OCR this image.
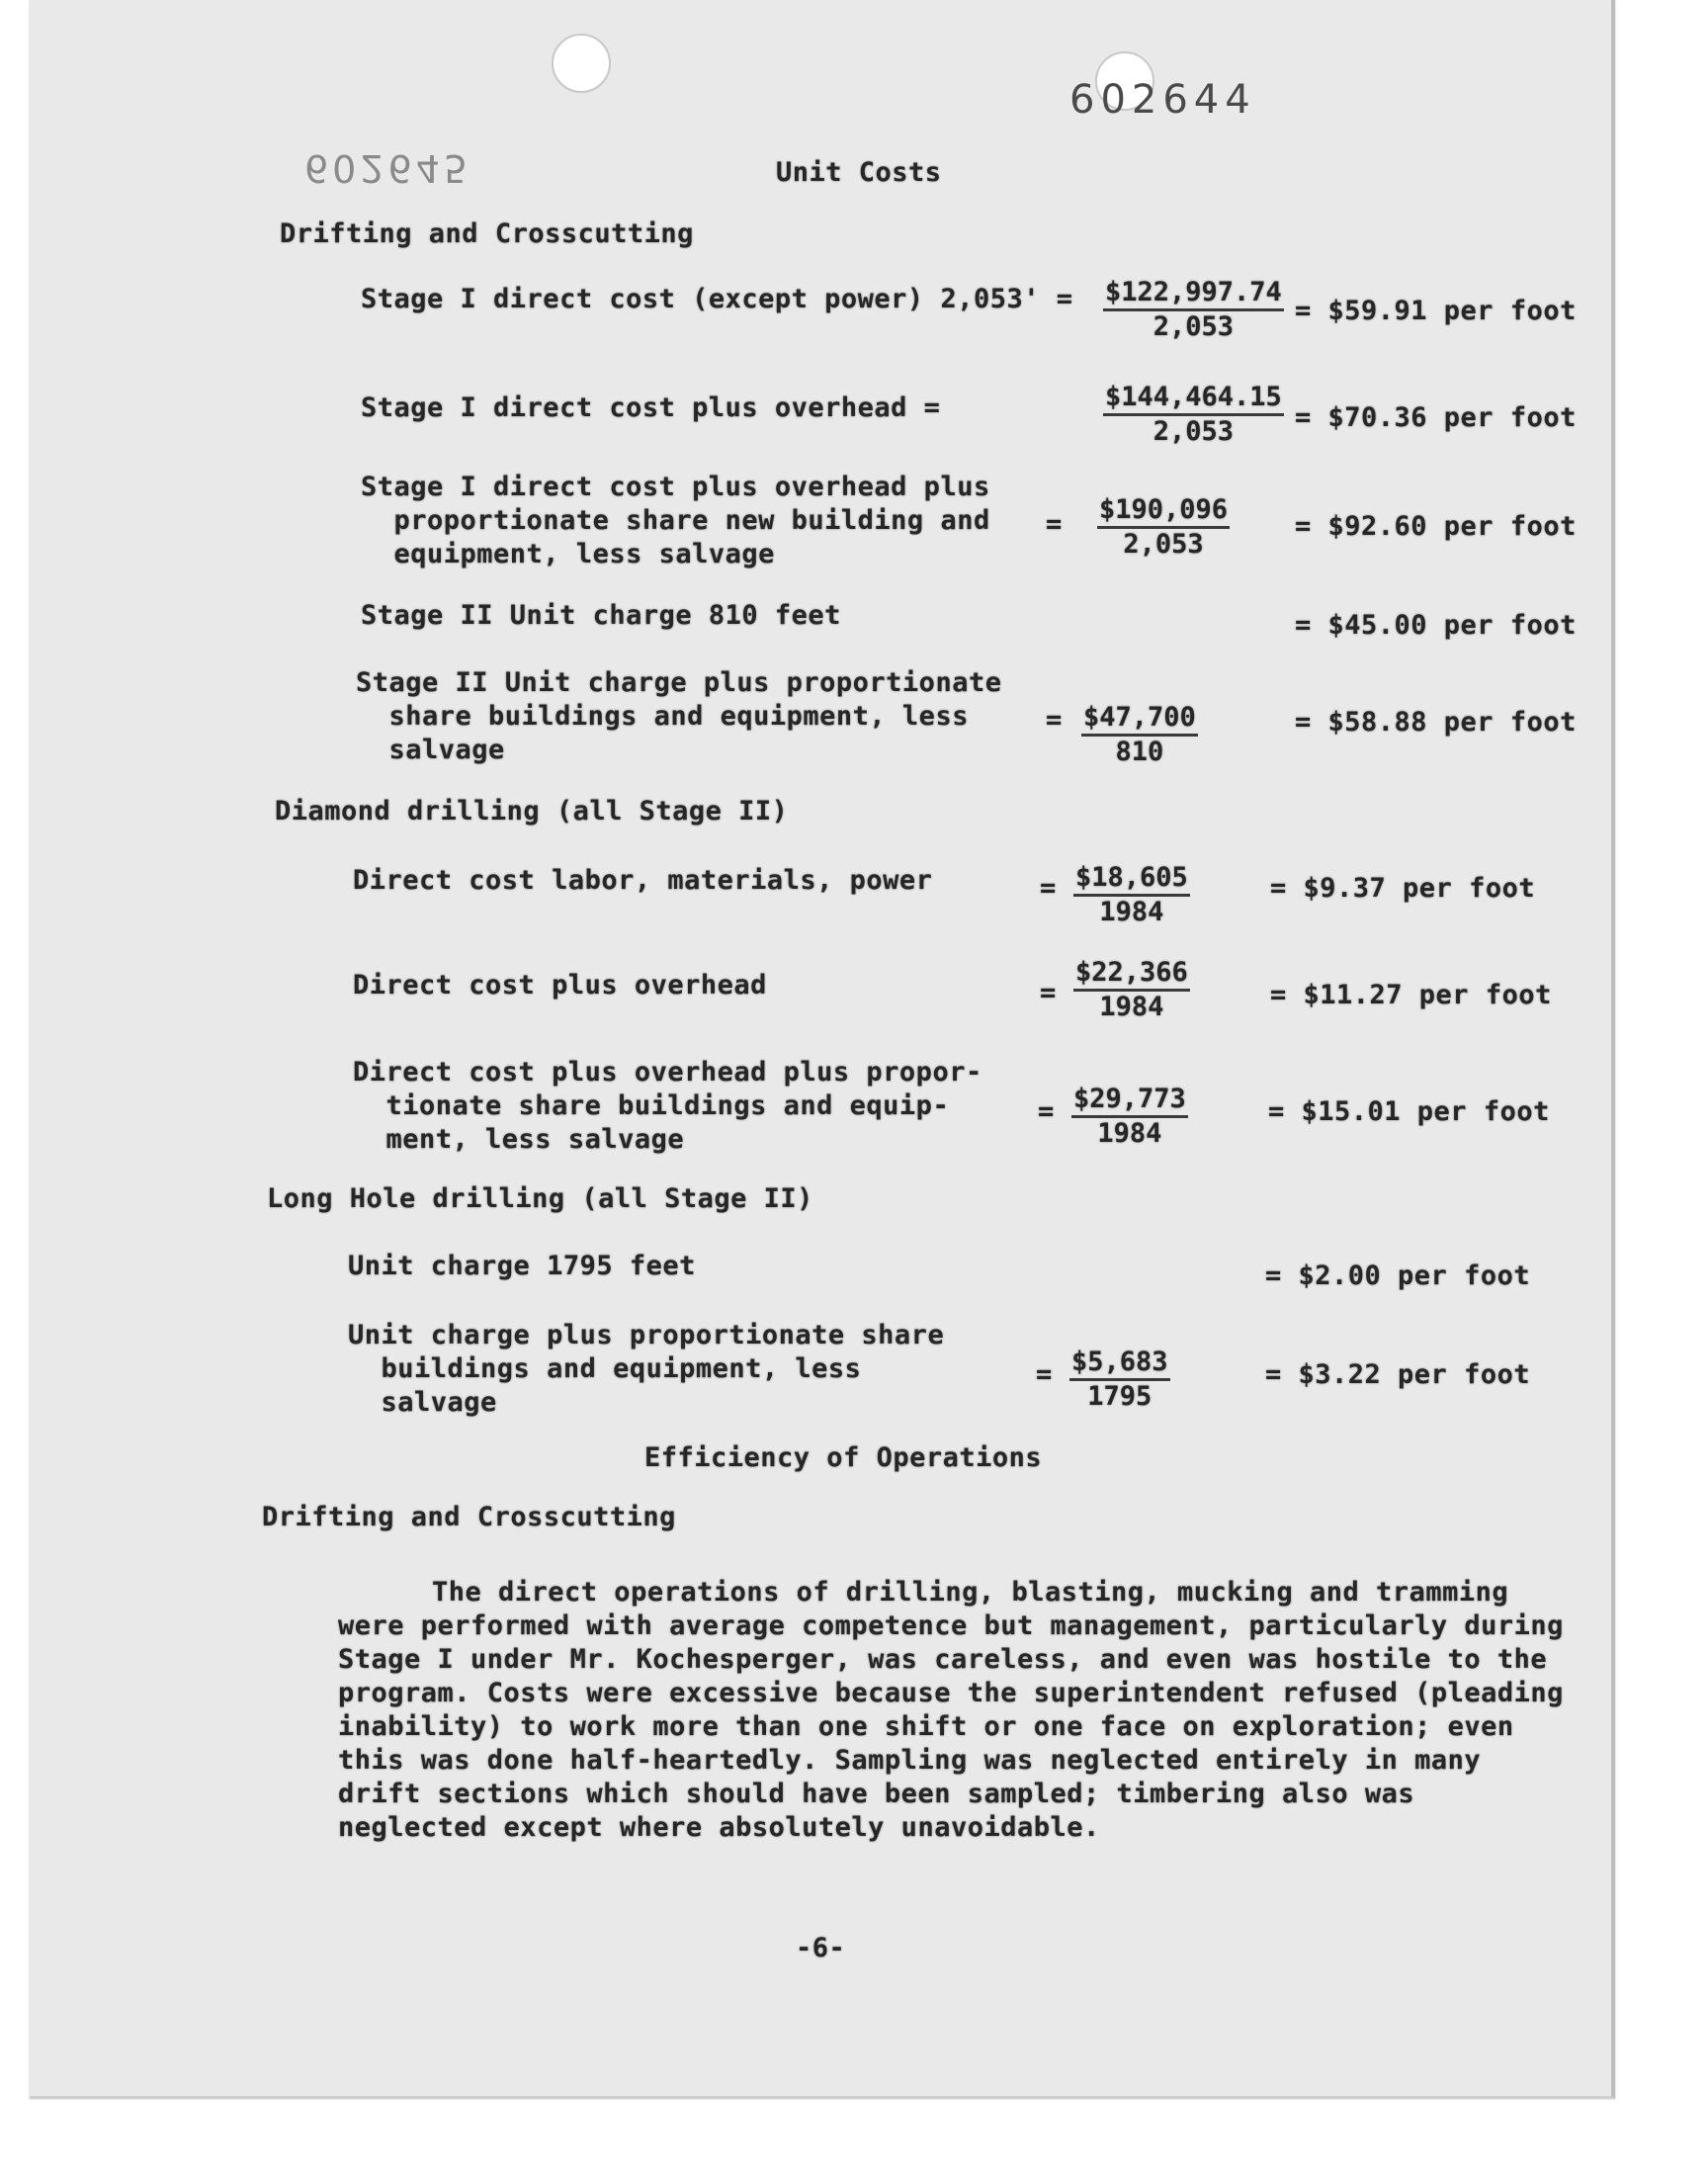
602644
602645	Unit Costs
Drifting and Crosscutting
Stage I direct cost (except power) $2,053' = \frac{\$122,997.74}{2,053}$ = $59.91 per foot
Stage I direct cost plus overhead =	$\frac{\$144,464.15}{2,053}$ = $70.36 per foot
Stage I direct cost plus overhead plus
proportionate share new building and
equipment, less salvage
= $\frac{\$190,096}{2,053}$ = $92.60 per foot
Stage II Unit charge 810 feet	= $45.00 per foot
Stage II Unit charge plus proportionate
share buildings and equipment, less
salvage
= $\frac{\$47,700}{810}$	= $58.88 per foot
Diamond drilling (all Stage II)
Direct cost labor, materials, power	= $\frac{\$18,605}{1984}$	= $9.37 per foot
Direct cost plus overhead	= $\frac{\$22,366}{1984}$	= $11.27 per foot
Direct cost plus overhead plus propor-
tionate share buildings and equip-
ment, less salvage
= $\frac{\$29,773}{1984}$	= $15.01 per foot
Long Hole drilling (all Stage II)
Unit charge 1795 feet	= $2.00 per foot
Unit charge plus proportionate share
buildings and equipment, less
salvage
= $\frac{\$5,683}{1795}$	= $3.22 per foot
Efficiency of Operations
Drifting and Crosscutting

The direct operations of drilling, blasting, mucking and tramming were performed with average competence but management, particularly during Stage I under Mr. Kochesperger, was careless, and even was hostile to the program. Costs were excessive because the superintendent refused (pleading inability) to work more than one shift or one face on exploration; even this was done half-heartedly. Sampling was neglected entirely in many drift sections which should have been sampled; timbering also was neglected except where absolutely unavoidable.

-6-
